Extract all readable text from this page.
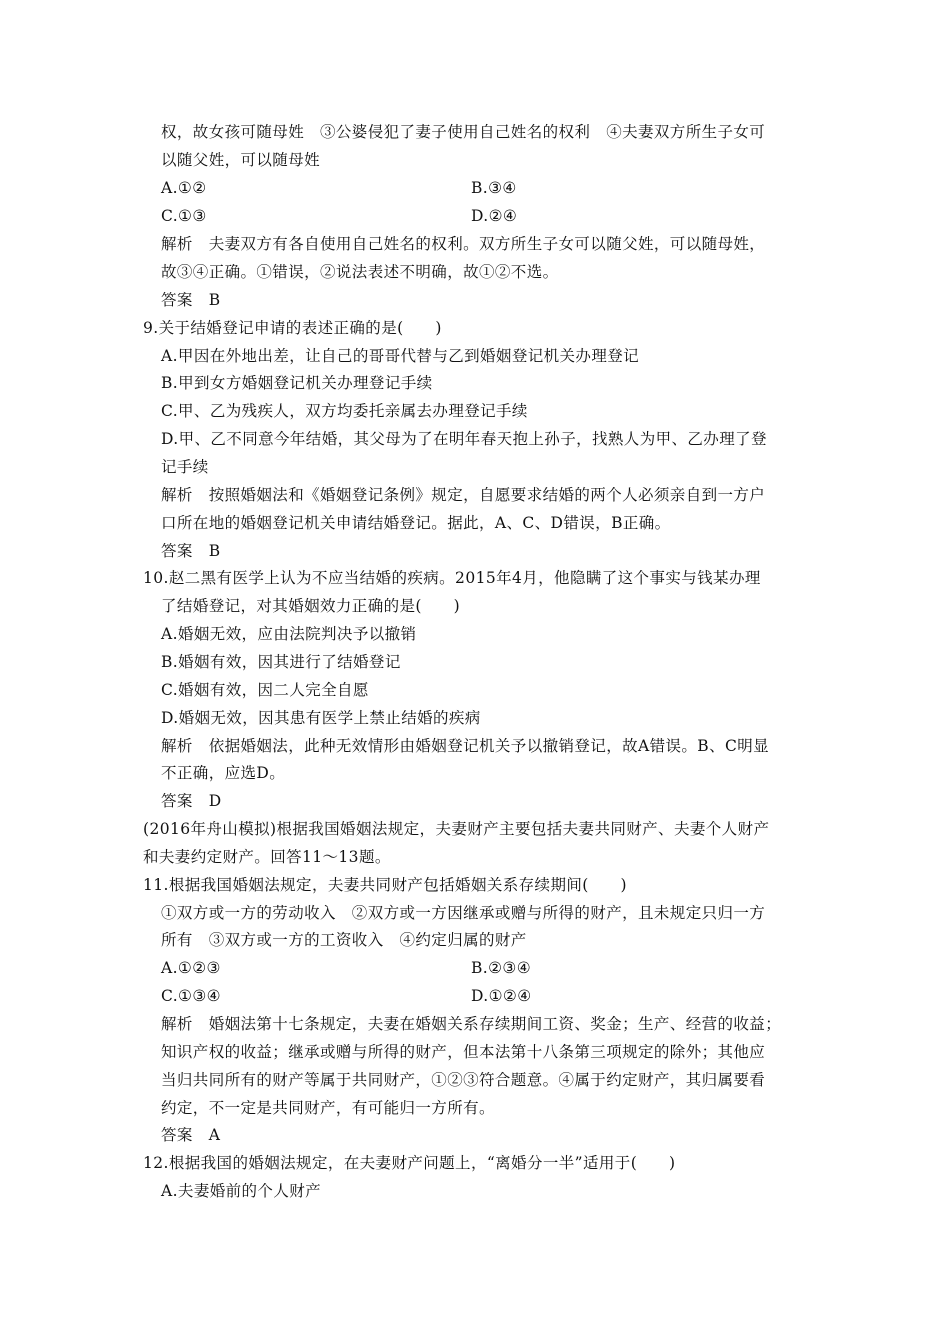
权，故女孩可随母姓　③公婆侵犯了妻子使用自己姓名的权利　④夫妻双方所生子女可
以随父姓，可以随母姓
A.①②	B.③④
C.①③	D.②④
解析　夫妻双方有各自使用自己姓名的权利。双方所生子女可以随父姓，可以随母姓，
故③④正确。①错误，②说法表述不明确，故①②不选。
答案　B
9.关于结婚登记申请的表述正确的是(　　)
A.甲因在外地出差，让自己的哥哥代替与乙到婚姻登记机关办理登记
B.甲到女方婚姻登记机关办理登记手续
C.甲、乙为残疾人，双方均委托亲属去办理登记手续
D.甲、乙不同意今年结婚，其父母为了在明年春天抱上孙子，找熟人为甲、乙办理了登
记手续
解析　按照婚姻法和《婚姻登记条例》规定，自愿要求结婚的两个人必须亲自到一方户
口所在地的婚姻登记机关申请结婚登记。据此，A、C、D错误，B正确。
答案　B
10.赵二黑有医学上认为不应当结婚的疾病。2015年4月，他隐瞒了这个事实与钱某办理
了结婚登记，对其婚姻效力正确的是(　　)
A.婚姻无效，应由法院判决予以撤销
B.婚姻有效，因其进行了结婚登记
C.婚姻有效，因二人完全自愿
D.婚姻无效，因其患有医学上禁止结婚的疾病
解析　依据婚姻法，此种无效情形由婚姻登记机关予以撤销登记，故A错误。B、C明显
不正确，应选D。
答案　D
(2016年舟山模拟)根据我国婚姻法规定，夫妻财产主要包括夫妻共同财产、夫妻个人财产
和夫妻约定财产。回答11～13题。
11.根据我国婚姻法规定，夫妻共同财产包括婚姻关系存续期间(　　)
①双方或一方的劳动收入　②双方或一方因继承或赠与所得的财产，且未规定只归一方
所有　③双方或一方的工资收入　④约定归属的财产
A.①②③	B.②③④
C.①③④	D.①②④
解析　婚姻法第十七条规定，夫妻在婚姻关系存续期间工资、奖金；生产、经营的收益；
知识产权的收益；继承或赠与所得的财产，但本法第十八条第三项规定的除外；其他应
当归共同所有的财产等属于共同财产，①②③符合题意。④属于约定财产，其归属要看
约定，不一定是共同财产，有可能归一方所有。
答案　A
12.根据我国的婚姻法规定，在夫妻财产问题上，“离婚分一半”适用于(　　)
A.夫妻婚前的个人财产
